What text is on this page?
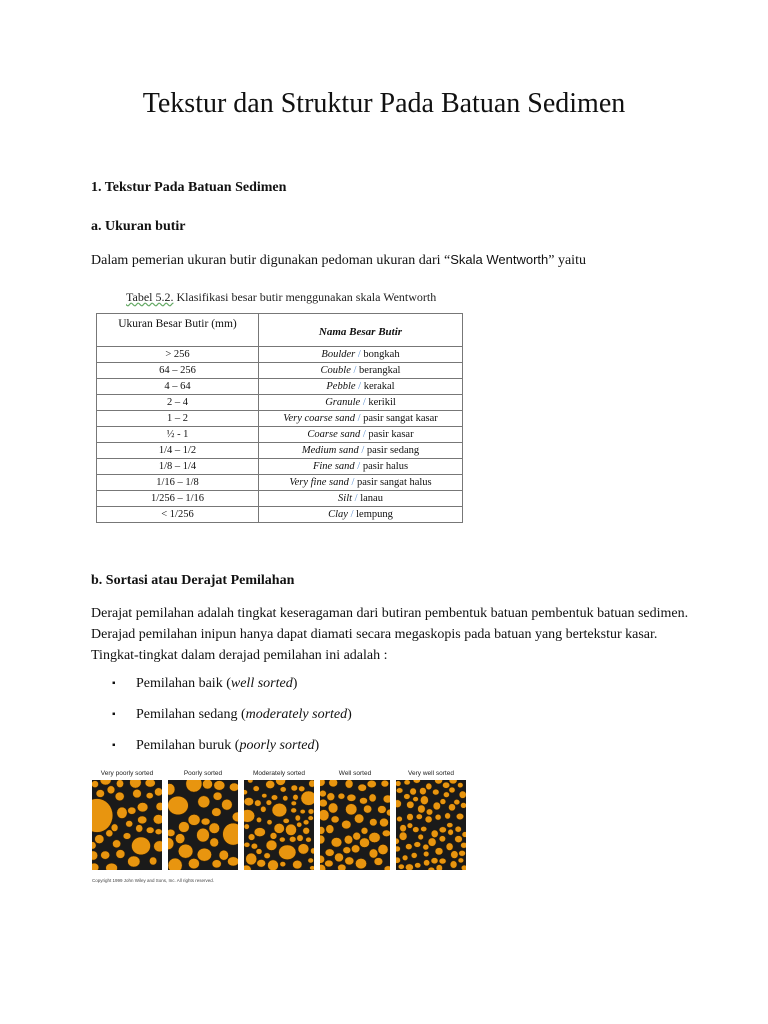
Tekstur dan Struktur Pada Batuan Sedimen
1. Tekstur Pada Batuan Sedimen
a. Ukuran butir

Dalam pemerian ukuran butir digunakan pedoman ukuran dari “Skala Wentworth” yaitu

Tabel 5.2. Klasifikasi besar butir menggunakan skala Wentworth

Ukuran Besar Butir (mm)	Nama Besar Butir
> 256	Boulder / bongkah
64 – 256	Couble / berangkal
4 – 64	Pebble / kerakal
2 – 4	Granule / kerikil
1 – 2	Very coarse sand / pasir sangat kasar
½ - 1	Coarse sand / pasir kasar
1/4 – 1/2	Medium sand / pasir sedang
1/8 – 1/4	Fine sand / pasir halus
1/16 – 1/8	Very fine sand / pasir sangat halus
1/256 – 1/16	Silt / lanau
< 1/256	Clay / lempung
b. Sortasi atau Derajat Pemilahan

Derajat pemilahan adalah tingkat keseragaman dari butiran pembentuk batuan pembentuk batuan sedimen. Derajad pemilahan inipun hanya dapat diamati secara megaskopis pada batuan yang bertekstur kasar. Tingkat-tingkat dalam derajad pemilahan ini adalah :

▪ Pemilahan baik (well sorted)
▪ Pemilahan sedang (moderately sorted)
▪ Pemilahan buruk (poorly sorted)
Copyright 1999 John Wiley and Sons, Inc. All rights reserved.
Very poorly sorted	Poorly sorted	Moderately sorted	Well sorted	Very well sorted
